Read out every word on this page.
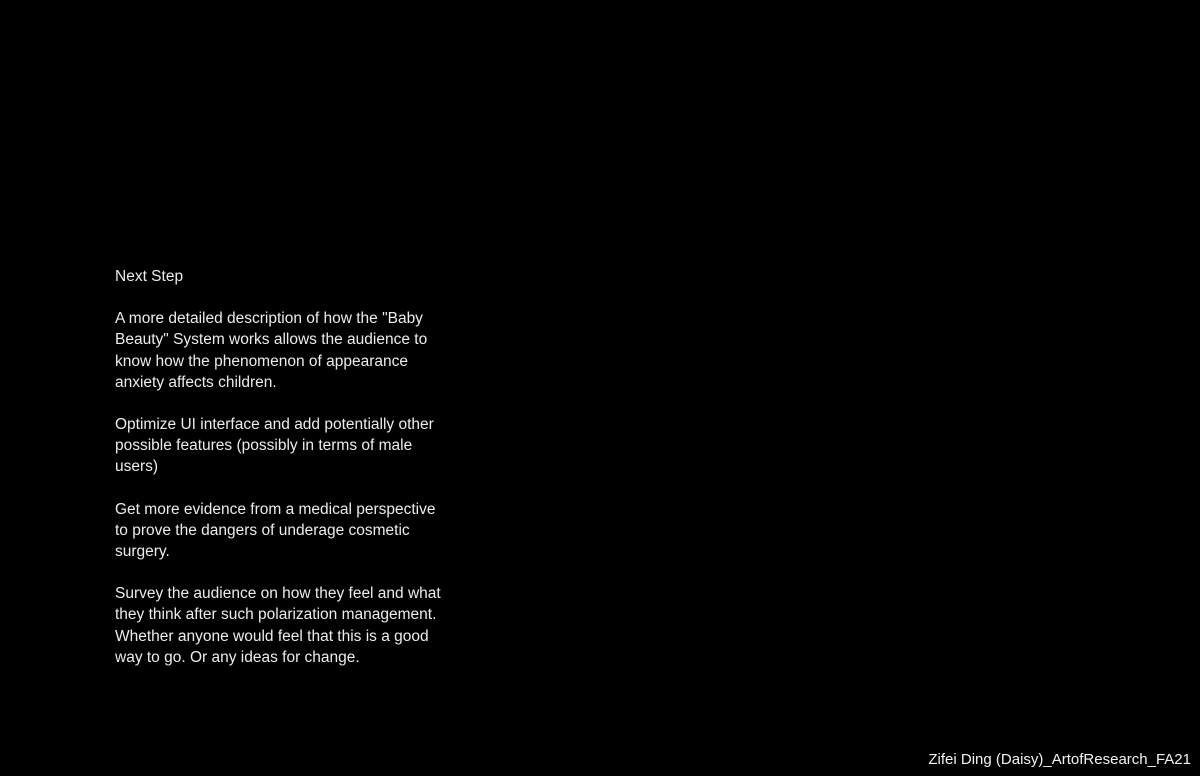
Next Step

A more detailed description of how the "Baby Beauty" System works allows the audience to know how the phenomenon of appearance anxiety affects children.

Optimize UI interface and add potentially other possible features (possibly in terms of male users)

Get more evidence from a medical perspective to prove the dangers of underage cosmetic surgery.

Survey the audience on how they feel and what they think after such polarization management. Whether anyone would feel that this is a good way to go. Or any ideas for change.

Zifei Ding (Daisy)_ArtofResearch_FA21
